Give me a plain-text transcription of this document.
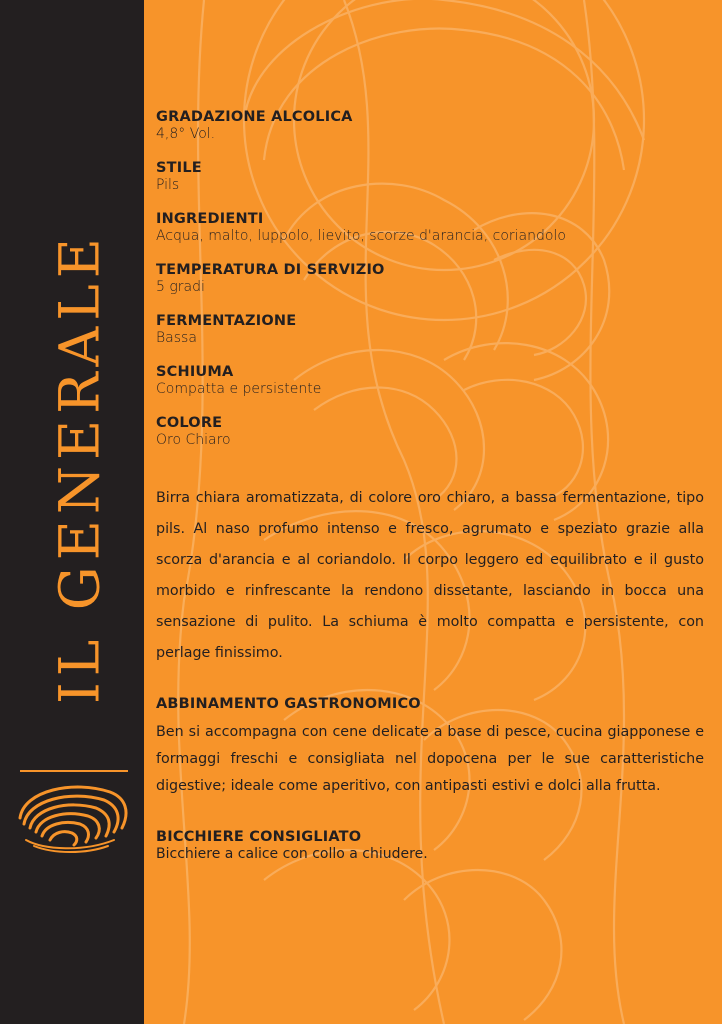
IL GENERALE
GRADAZIONE ALCOLICA
4,8° Vol.
STILE
Pils
INGREDIENTI
Acqua, malto, luppolo, lievito, scorze d'arancia, coriandolo
TEMPERATURA DI SERVIZIO
5 gradi
FERMENTAZIONE
Bassa
SCHIUMA
Compatta e persistente
COLORE
Oro Chiaro
Birra chiara aromatizzata, di colore oro chiaro, a bassa fermentazione, tipo pils. Al naso profumo intenso e fresco, agrumato e speziato grazie alla scorza d'arancia e al coriandolo. Il corpo leggero ed equilibrato e il gusto morbido e rinfrescante la rendono dissetante, lasciando in bocca una sensazione di pulito. La schiuma è molto compatta e persistente, con perlage finissimo.
ABBINAMENTO GASTRONOMICO
Ben si accompagna con cene delicate a base di pesce, cucina giapponese e formaggi freschi e consigliata nel dopocena per le sue caratteristiche digestive; ideale come aperitivo, con antipasti estivi e dolci alla frutta.
BICCHIERE CONSIGLIATO
Bicchiere a calice con collo a chiudere.
